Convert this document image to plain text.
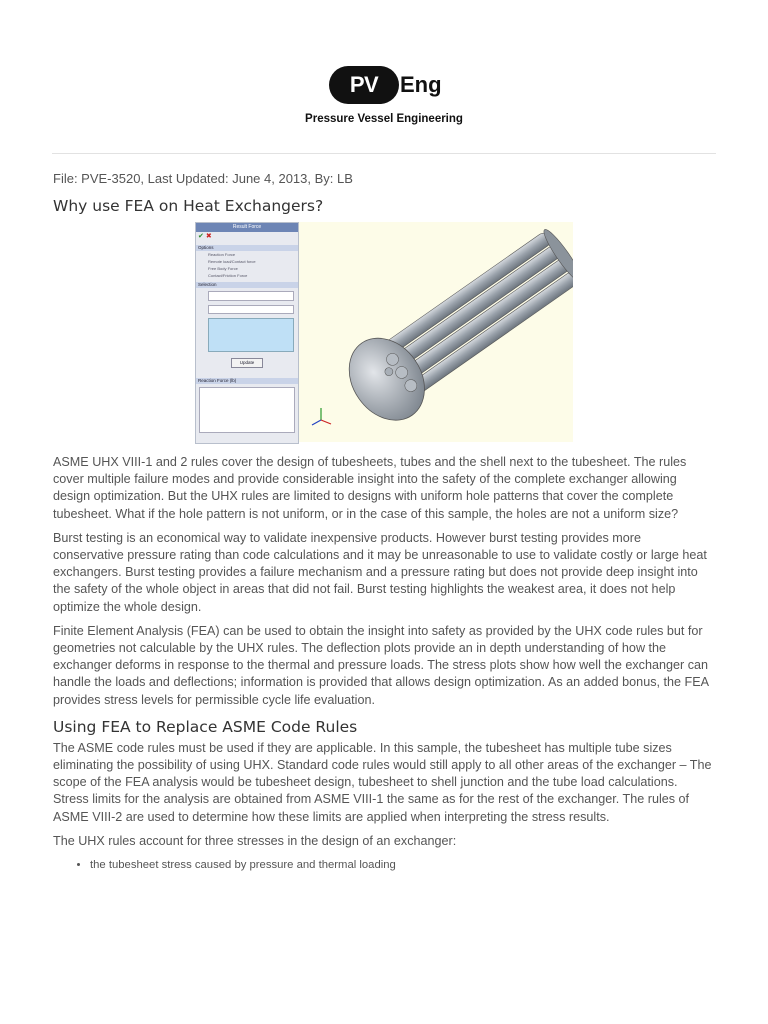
PV Eng
Pressure Vessel Engineering

File: PVE-3520, Last Updated: June 4, 2013, By: LB

Why use FEA on Heat Exchangers?
Result Force
✔ ✖
Options
Reaction Force
Remote load/Contact force
Free Body Force
Contact/Friction Force
Selection
Update
Reaction Force (lb)

ASME UHX VIII-1 and 2 rules cover the design of tubesheets, tubes and the shell next to the tubesheet. The rules cover multiple failure modes and provide considerable insight into the safety of the complete exchanger allowing design optimization. But the UHX rules are limited to designs with uniform hole patterns that cover the complete tubesheet. What if the hole pattern is not uniform, or in the case of this sample, the holes are not a uniform size?

Burst testing is an economical way to validate inexpensive products. However burst testing provides more conservative pressure rating than code calculations and it may be unreasonable to use to validate costly or large heat exchangers. Burst testing provides a failure mechanism and a pressure rating but does not provide deep insight into the safety of the whole object in areas that did not fail. Burst testing highlights the weakest area, it does not help optimize the whole design.

Finite Element Analysis (FEA) can be used to obtain the insight into safety as provided by the UHX code rules but for geometries not calculable by the UHX rules. The deflection plots provide an in depth understanding of how the exchanger deforms in response to the thermal and pressure loads. The stress plots show how well the exchanger can handle the loads and deflections; information is provided that allows design optimization. As an added bonus, the FEA provides stress levels for permissible cycle life evaluation.

Using FEA to Replace ASME Code Rules

The ASME code rules must be used if they are applicable. In this sample, the tubesheet has multiple tube sizes eliminating the possibility of using UHX. Standard code rules would still apply to all other areas of the exchanger – The scope of the FEA analysis would be tubesheet design, tubesheet to shell junction and the tube load calculations. Stress limits for the analysis are obtained from ASME VIII-1 the same as for the rest of the exchanger. The rules of ASME VIII-2 are used to determine how these limits are applied when interpreting the stress results.

The UHX rules account for three stresses in the design of an exchanger:

• the tubesheet stress caused by pressure and thermal loading
